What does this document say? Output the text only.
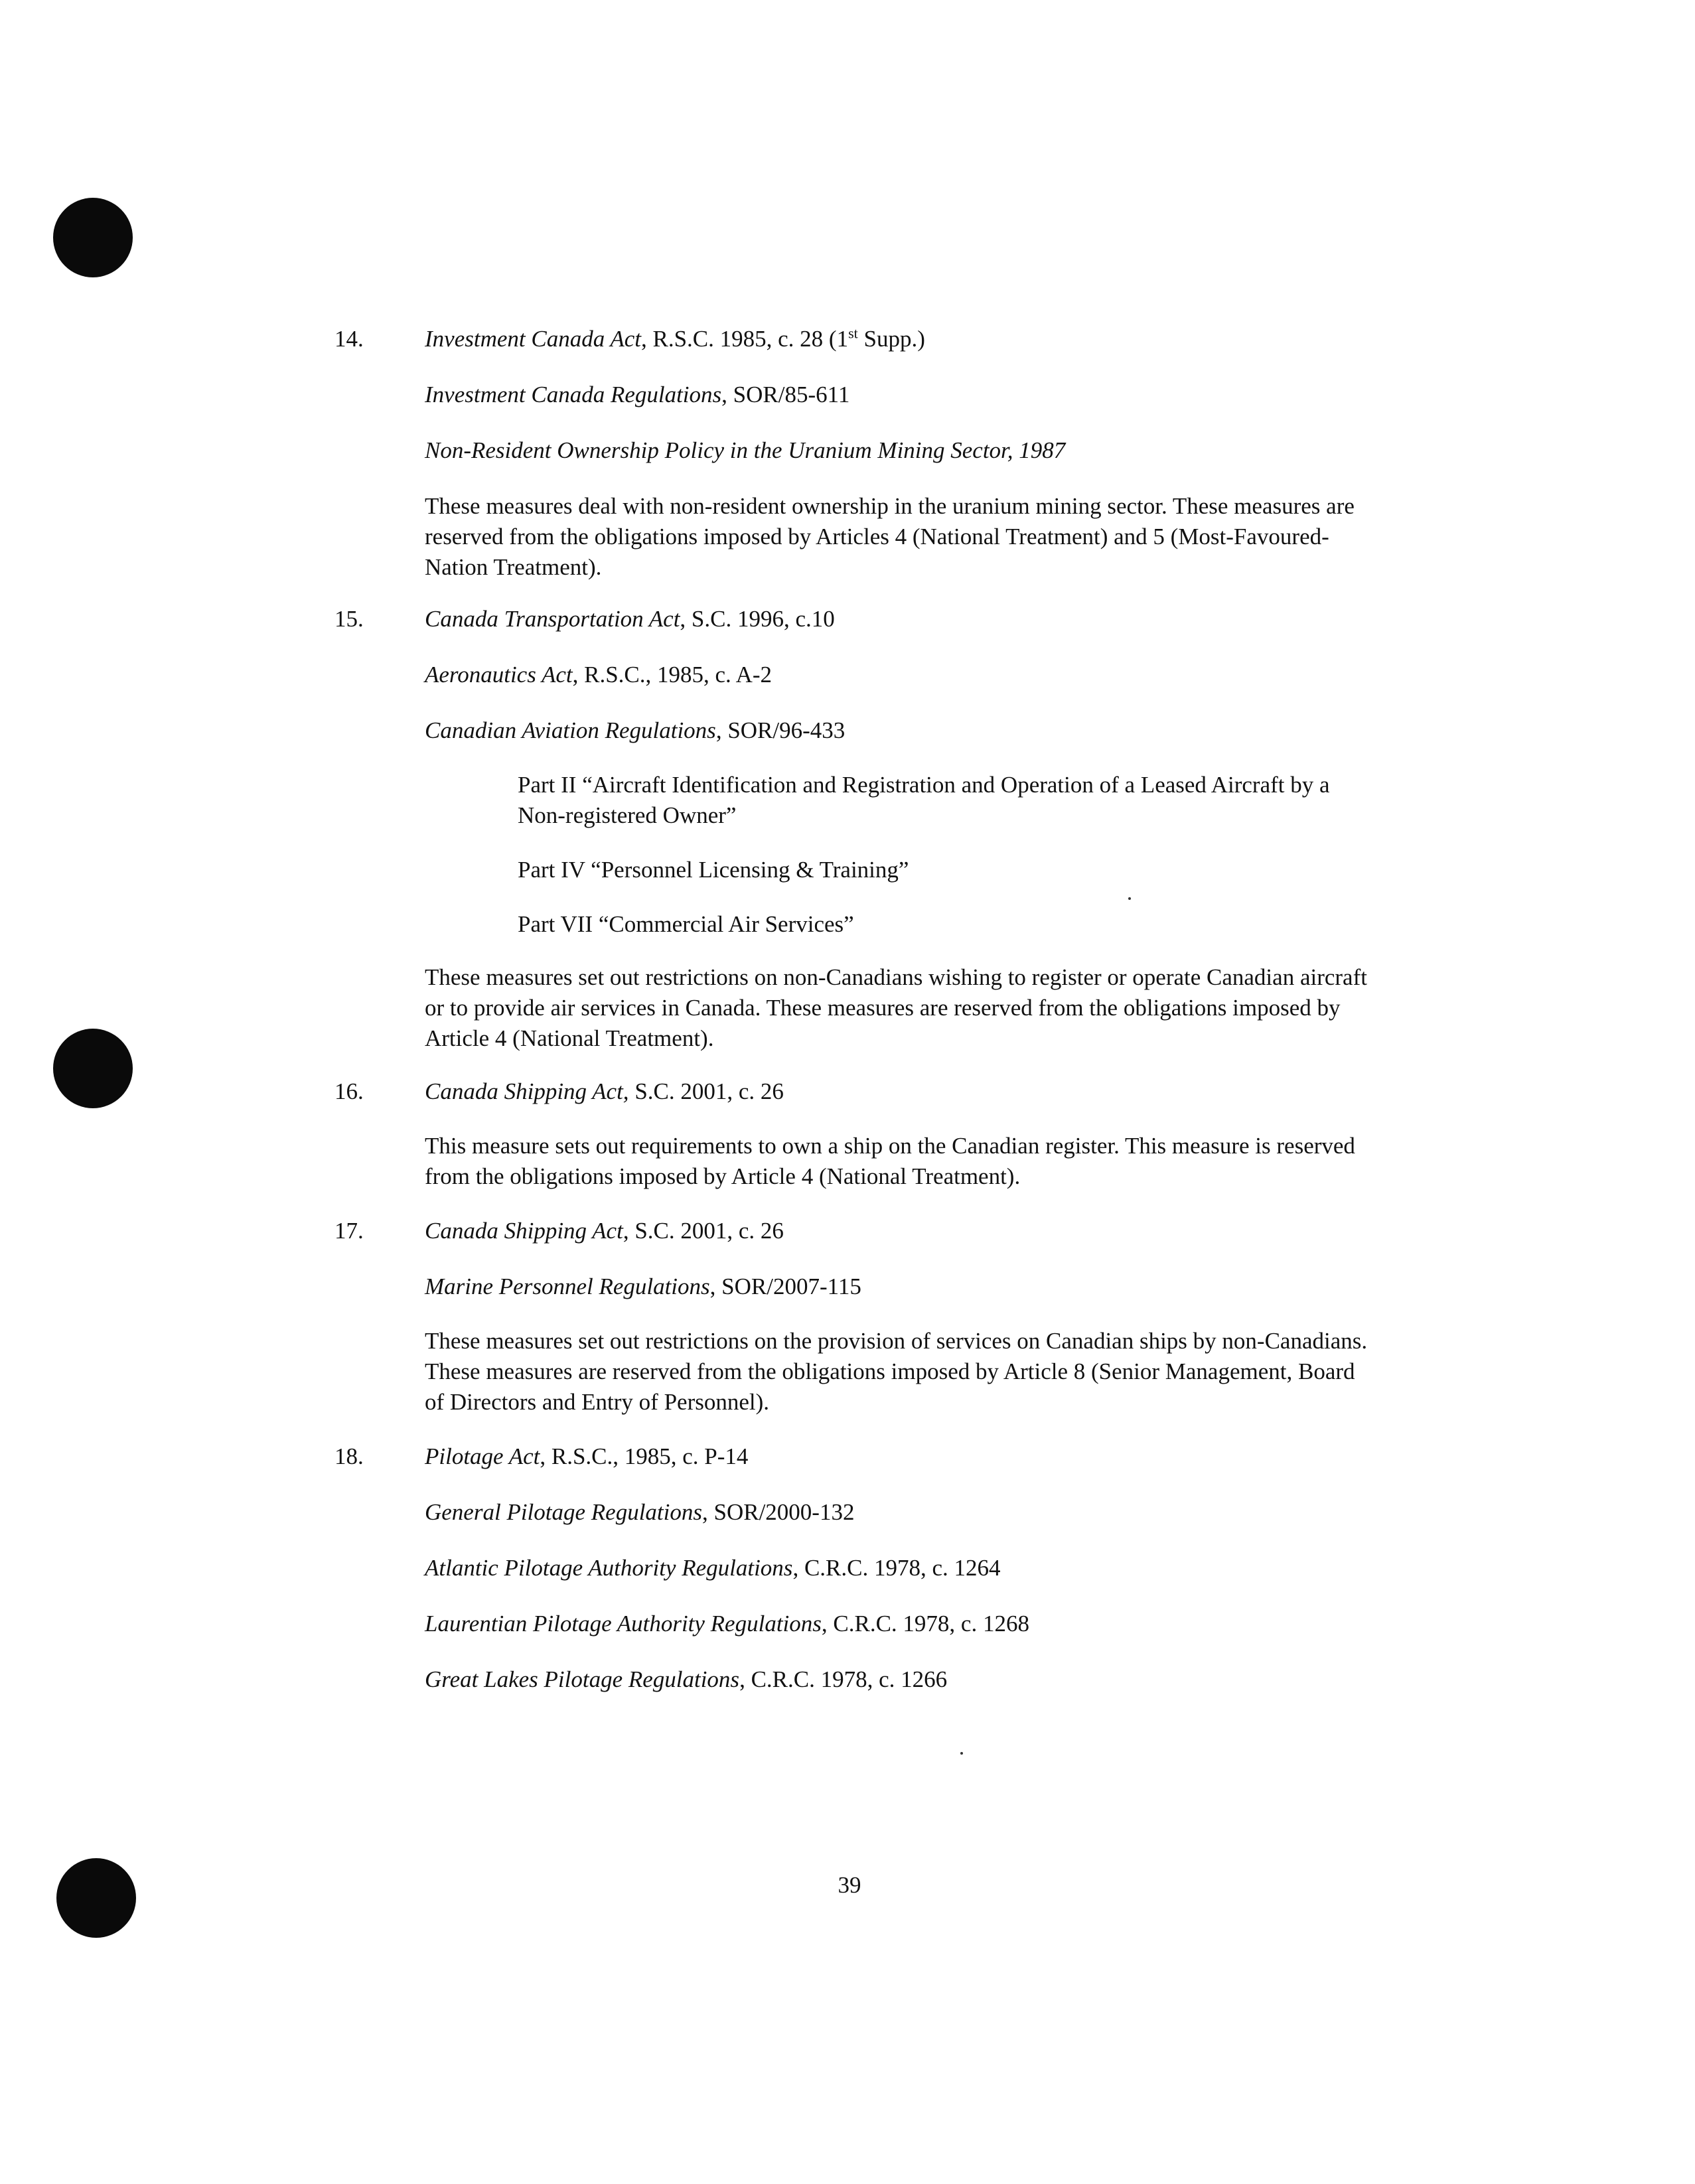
14.	Investment Canada Act, R.S.C. 1985, c. 28 (1st Supp.)
Investment Canada Regulations, SOR/85-611
Non-Resident Ownership Policy in the Uranium Mining Sector, 1987
These measures deal with non-resident ownership in the uranium mining sector. These measures are reserved from the obligations imposed by Articles 4 (National Treatment) and 5 (Most-Favoured-Nation Treatment).
15.	Canada Transportation Act, S.C. 1996, c.10
Aeronautics Act, R.S.C., 1985, c. A-2
Canadian Aviation Regulations, SOR/96-433
Part II “Aircraft Identification and Registration and Operation of a Leased Aircraft by a Non-registered Owner”
Part IV “Personnel Licensing & Training”
Part VII “Commercial Air Services”
These measures set out restrictions on non-Canadians wishing to register or operate Canadian aircraft or to provide air services in Canada. These measures are reserved from the obligations imposed by Article 4 (National Treatment).
16.	Canada Shipping Act, S.C. 2001, c. 26
This measure sets out requirements to own a ship on the Canadian register. This measure is reserved from the obligations imposed by Article 4 (National Treatment).
17.	Canada Shipping Act, S.C. 2001, c. 26
Marine Personnel Regulations, SOR/2007-115
These measures set out restrictions on the provision of services on Canadian ships by non-Canadians. These measures are reserved from the obligations imposed by Article 8 (Senior Management, Board of Directors and Entry of Personnel).
18.	Pilotage Act, R.S.C., 1985, c. P-14
General Pilotage Regulations, SOR/2000-132
Atlantic Pilotage Authority Regulations, C.R.C. 1978, c. 1264
Laurentian Pilotage Authority Regulations, C.R.C. 1978, c. 1268
Great Lakes Pilotage Regulations, C.R.C. 1978, c. 1266
39
